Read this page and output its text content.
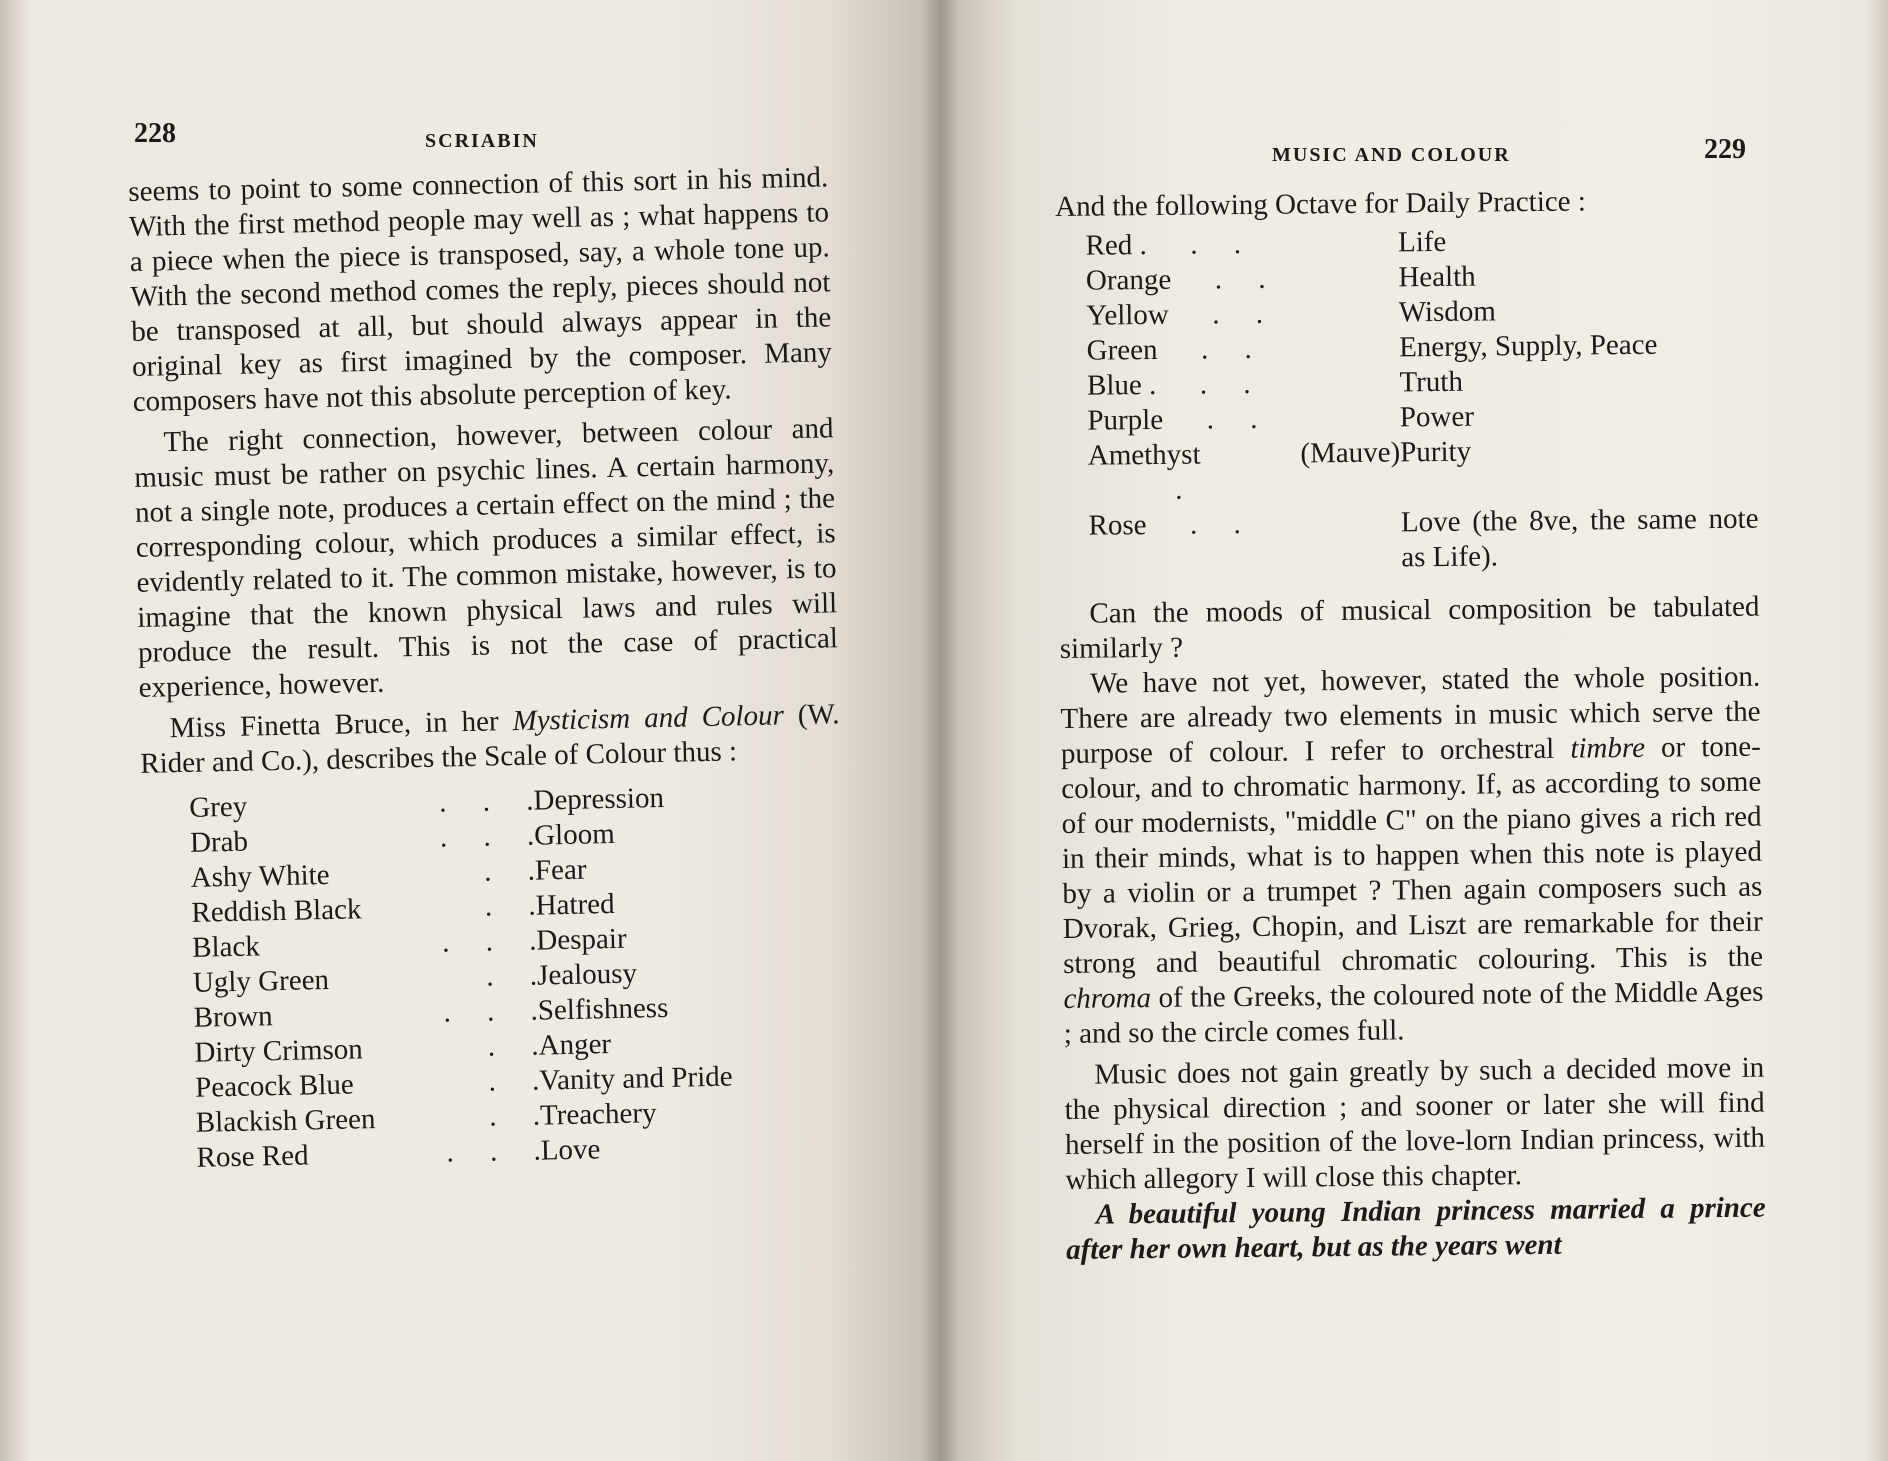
228	SCRIABIN

seems to point to some connection of this sort in his mind. With the first method people may well as ; what happens to a piece when the piece is transposed, say, a whole tone up. With the second method comes the reply, pieces should not be transposed at all, but should always appear in the original key as first imagined by the composer. Many composers have not this absolute perception of key.

The right connection, however, between colour and music must be rather on psychic lines. A certain harmony, not a single note, produces a certain effect on the mind ; the corresponding colour, which produces a similar effect, is evidently related to it. The common mistake, however, is to imagine that the known physical laws and rules will produce the result. This is not the case of practical experience, however.

Miss Finetta Bruce, in her Mysticism and Colour (W. Rider and Co.), describes the Scale of Colour thus :

Grey	.     .     .	Depression
Drab	.     .     .	Gloom
Ashy White	.     .	Fear
Reddish Black	.     .	Hatred
Black	.     .     .	Despair
Ugly Green	.     .	Jealousy
Brown	.     .     .	Selfishness
Dirty Crimson	.     .	Anger
Peacock Blue	.     .	Vanity and Pride
Blackish Green	.     .	Treachery
Rose Red	.     .     .	Love
MUSIC AND COLOUR	229

And the following Octave for Daily Practice :

Red .      .     .	Life
Orange      .     .	Health
Yellow      .     .	Wisdom
Green      .     .	Energy, Supply, Peace
Blue .      .     .	Truth
Purple      .     .	Power
Amethyst (Mauve)            .	Purity
Rose      .     .	Love (the 8ve, the same note as Life).

Can the moods of musical composition be tabulated similarly ?

We have not yet, however, stated the whole position. There are already two elements in music which serve the purpose of colour. I refer to orchestral timbre or tone-colour, and to chromatic harmony. If, as according to some of our modernists, "middle C" on the piano gives a rich red in their minds, what is to happen when this note is played by a violin or a trumpet ? Then again composers such as Dvorak, Grieg, Chopin, and Liszt are remarkable for their strong and beautiful chromatic colouring. This is the chroma of the Greeks, the coloured note of the Middle Ages ; and so the circle comes full.

Music does not gain greatly by such a decided move in the physical direction ; and sooner or later she will find herself in the position of the love-lorn Indian princess, with which allegory I will close this chapter.

A beautiful young Indian princess married a prince after her own heart, but as the years went
